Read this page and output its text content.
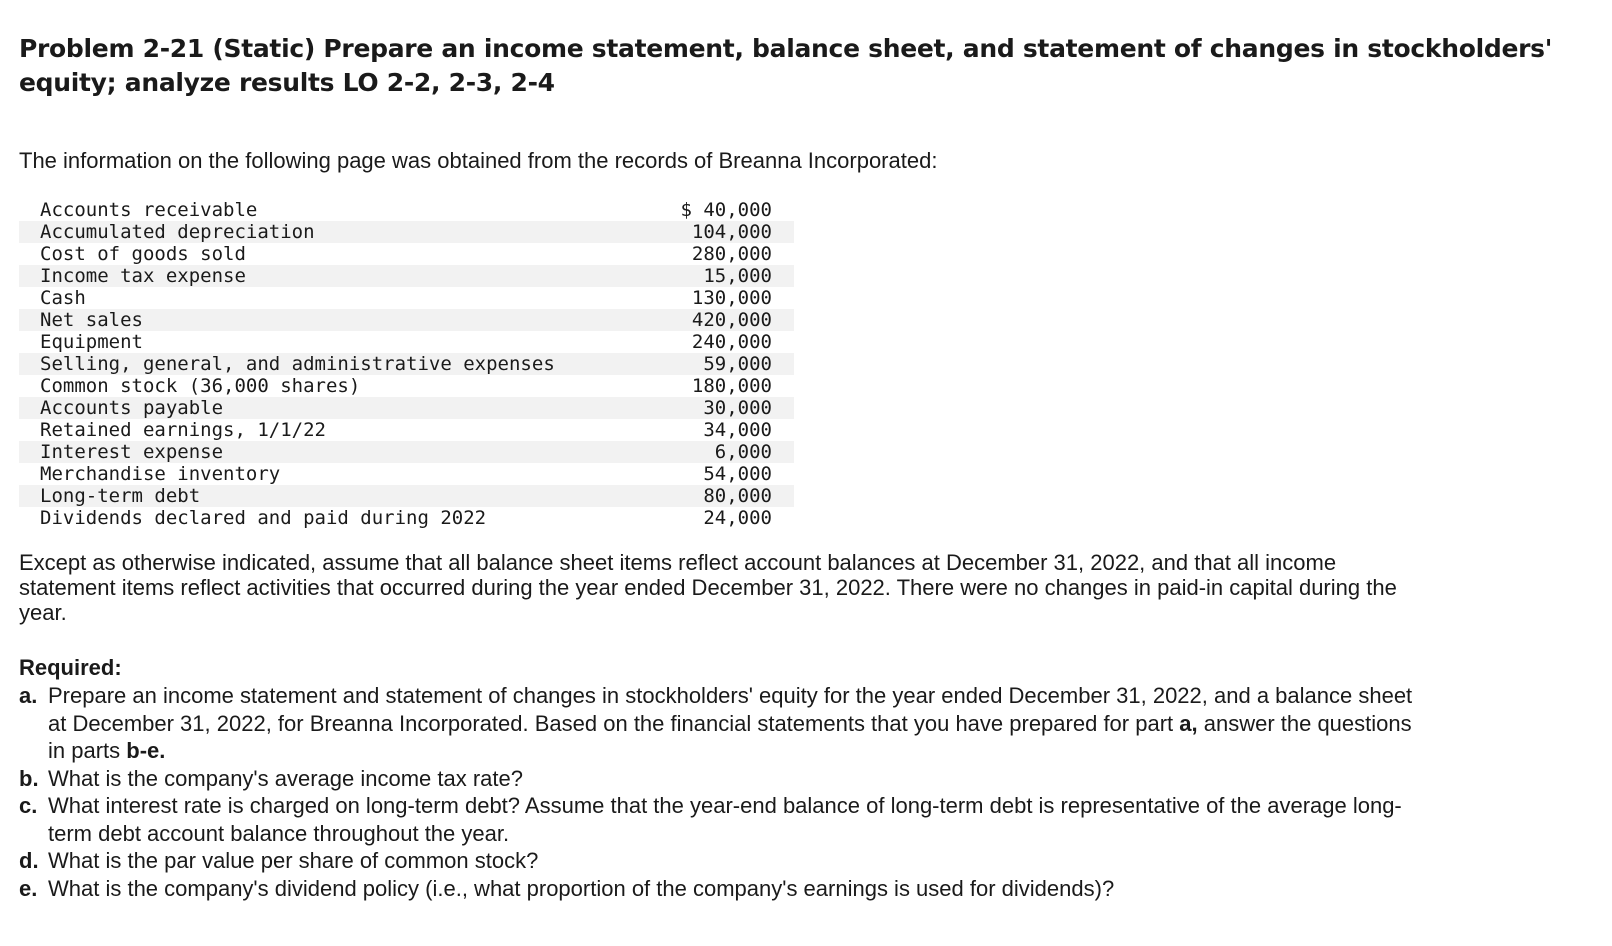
Problem 2-21 (Static) Prepare an income statement, balance sheet, and statement of changes in stockholders' equity; analyze results LO 2-2, 2-3, 2-4

The information on the following page was obtained from the records of Breanna Incorporated:

Accounts receivable	$ 40,000
Accumulated depreciation	104,000
Cost of goods sold	280,000
Income tax expense	15,000
Cash	130,000
Net sales	420,000
Equipment	240,000
Selling, general, and administrative expenses	59,000
Common stock (36,000 shares)	180,000
Accounts payable	30,000
Retained earnings, 1/1/22	34,000
Interest expense	6,000
Merchandise inventory	54,000
Long-term debt	80,000
Dividends declared and paid during 2022	24,000

Except as otherwise indicated, assume that all balance sheet items reflect account balances at December 31, 2022, and that all income statement items reflect activities that occurred during the year ended December 31, 2022. There were no changes in paid-in capital during the year.

Required:

a. Prepare an income statement and statement of changes in stockholders' equity for the year ended December 31, 2022, and a balance sheet at December 31, 2022, for Breanna Incorporated. Based on the financial statements that you have prepared for part a, answer the questions in parts b-e.
b. What is the company's average income tax rate?
c. What interest rate is charged on long-term debt? Assume that the year-end balance of long-term debt is representative of the average long-term debt account balance throughout the year.
d. What is the par value per share of common stock?
e. What is the company's dividend policy (i.e., what proportion of the company's earnings is used for dividends)?
